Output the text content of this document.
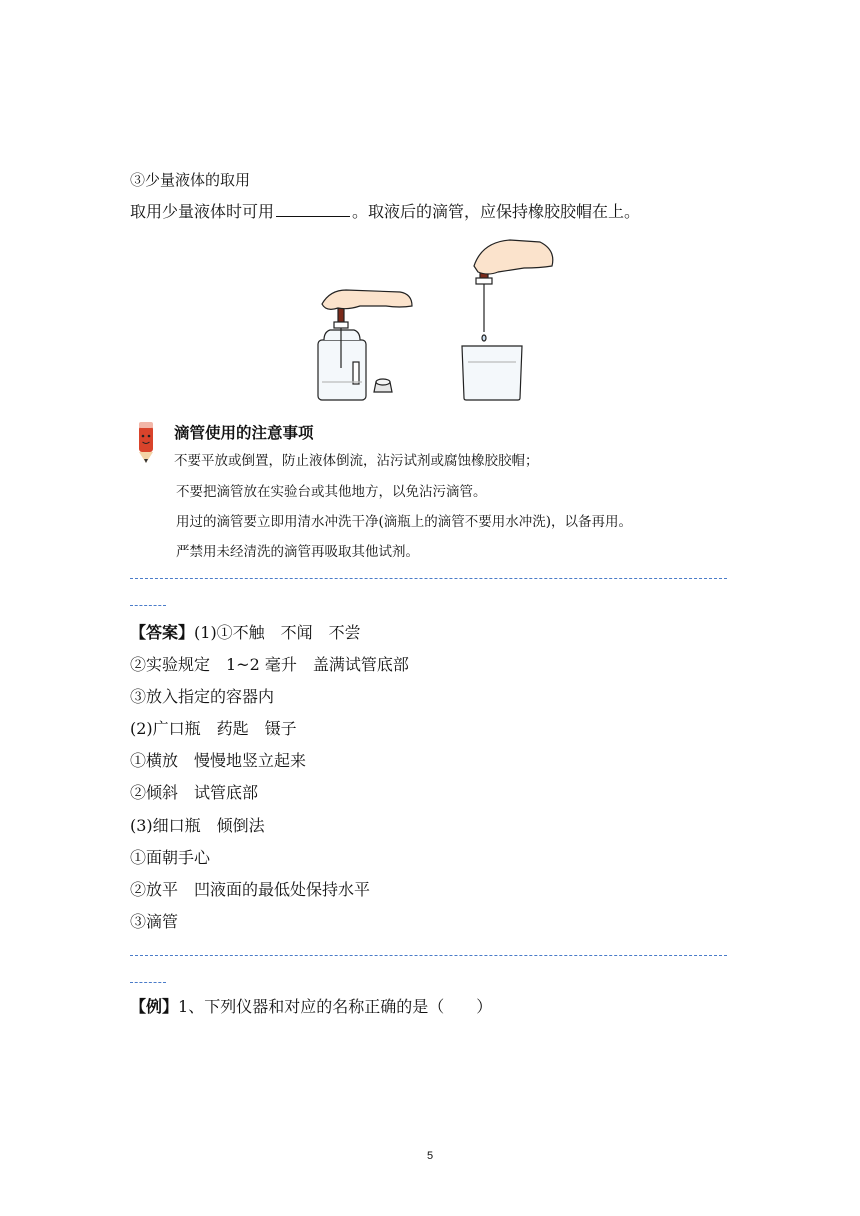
③少量液体的取用
取用少量液体时可用	。取液后的滴管，应保持橡胶胶帽在上。
滴管使用的注意事项
不要平放或倒置，防止液体倒流，沾污试剂或腐蚀橡胶胶帽；
不要把滴管放在实验台或其他地方，以免沾污滴管。
用过的滴管要立即用清水冲洗干净(滴瓶上的滴管不要用水冲洗)，以备再用。
严禁用未经清洗的滴管再吸取其他试剂。
【答案】(1)①不触　不闻　不尝
②实验规定　1~2 毫升　盖满试管底部
③放入指定的容器内
(2)广口瓶　药匙　镊子
①横放　慢慢地竖立起来
②倾斜　试管底部
(3)细口瓶　倾倒法
①面朝手心
②放平　凹液面的最低处保持水平
③滴管
【例】1、下列仪器和对应的名称正确的是（　　）
5
